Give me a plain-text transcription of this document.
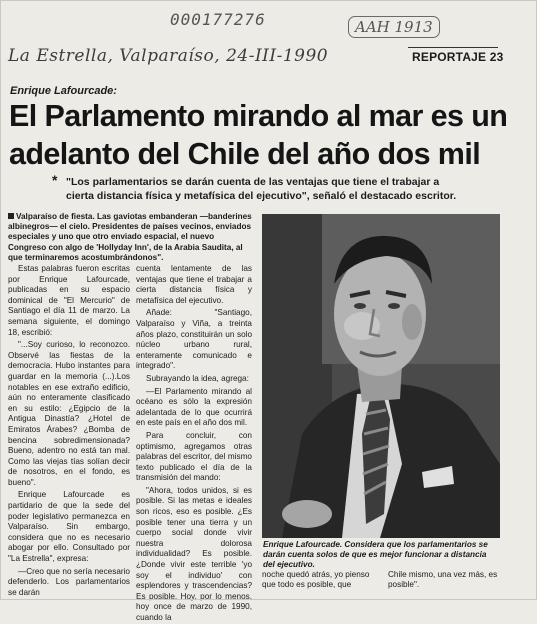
000177276	AAH 1913
La Estrella, Valparaíso, 24-III-1990	REPORTAJE 23
Enrique Lafourcade:
El Parlamento mirando al mar es un adelanto del Chile del año dos mil
* "Los parlamentarios se darán cuenta de las ventajas que tiene el trabajar a cierta distancia física y metafísica del ejecutivo", señaló el destacado escritor.

Valparaíso de fiesta. Las gaviotas embanderan —banderines albinegros— el cielo. Presidentes de países vecinos, enviados especiales y uno que otro enviado espacial, el nuevo Congreso con algo de 'Hollyday Inn', de la Arabia Saudita, al que terminaremos acostumbrándonos".

Estas palabras fueron escritas por Enrique Lafourcade, publicadas en su espacio dominical de "El Mercurio" de Santiago el día 11 de marzo. La semana siguiente, el domingo 18, escribió:

"...Soy curioso, lo reconozco. Observé las fiestas de la democracia. Hubo instantes para guardar en la memoria (...).Los notables en ese extraño edificio, aún no enteramente clasificado en su estilo: ¿Egipcio de la Antigua Dinastía? ¿Hotel de Emiratos Árabes? ¿Bomba de bencina sobredimensionada? Bueno, adentro no está tan mal. Como las viejas tías solían decir de nosotros, en el fondo, es bueno".

Enrique Lafourcade es partidario de que la sede del poder legislativo permanezca en Valparaíso. Sin embargo, considera que no es necesario abogar por ello. Consultado por "La Estrella", expresa:

—Creo que no sería necesario defenderlo. Los parlamentarios se darán

cuenta lentamente de las ventajas que tiene el trabajar a cierta distancia física y metafísica del ejecutivo.

Añade: "Santiago, Valparaíso y Viña, a treinta años plazo, constituirán un solo núcleo urbano rural, enteramente comunicado e integrado".

Subrayando la idea, agrega:

—El Parlamento mirando al océano es sólo la expresión adelantada de lo que ocurrirá en este país en el año dos mil.

Para concluir, con optimismo, agregamos otras palabras del escritor, del mismo texto publicado el día de la transmisión del mando:

"Ahora, todos unidos, si es posible. Si las metas e ideales son ricos, eso es posible. ¿Es posible tener una tierra y un cuerpo social donde vivir nuestra dolorosa individualidad? Es posible. ¿Donde vivir este terrible 'yo soy el individuo' con esplendores y trascendencias? Es posible. Hoy, por lo menos, hoy once de marzo de 1990, cuando la

Enrique Lafourcade. Considera que los parlamentarios se darán cuenta solos de que es mejor funcionar a distancia del ejecutivo.
noche quedó atrás, yo pienso que todo es posible, que
Chile mismo, una vez más, es posible".
